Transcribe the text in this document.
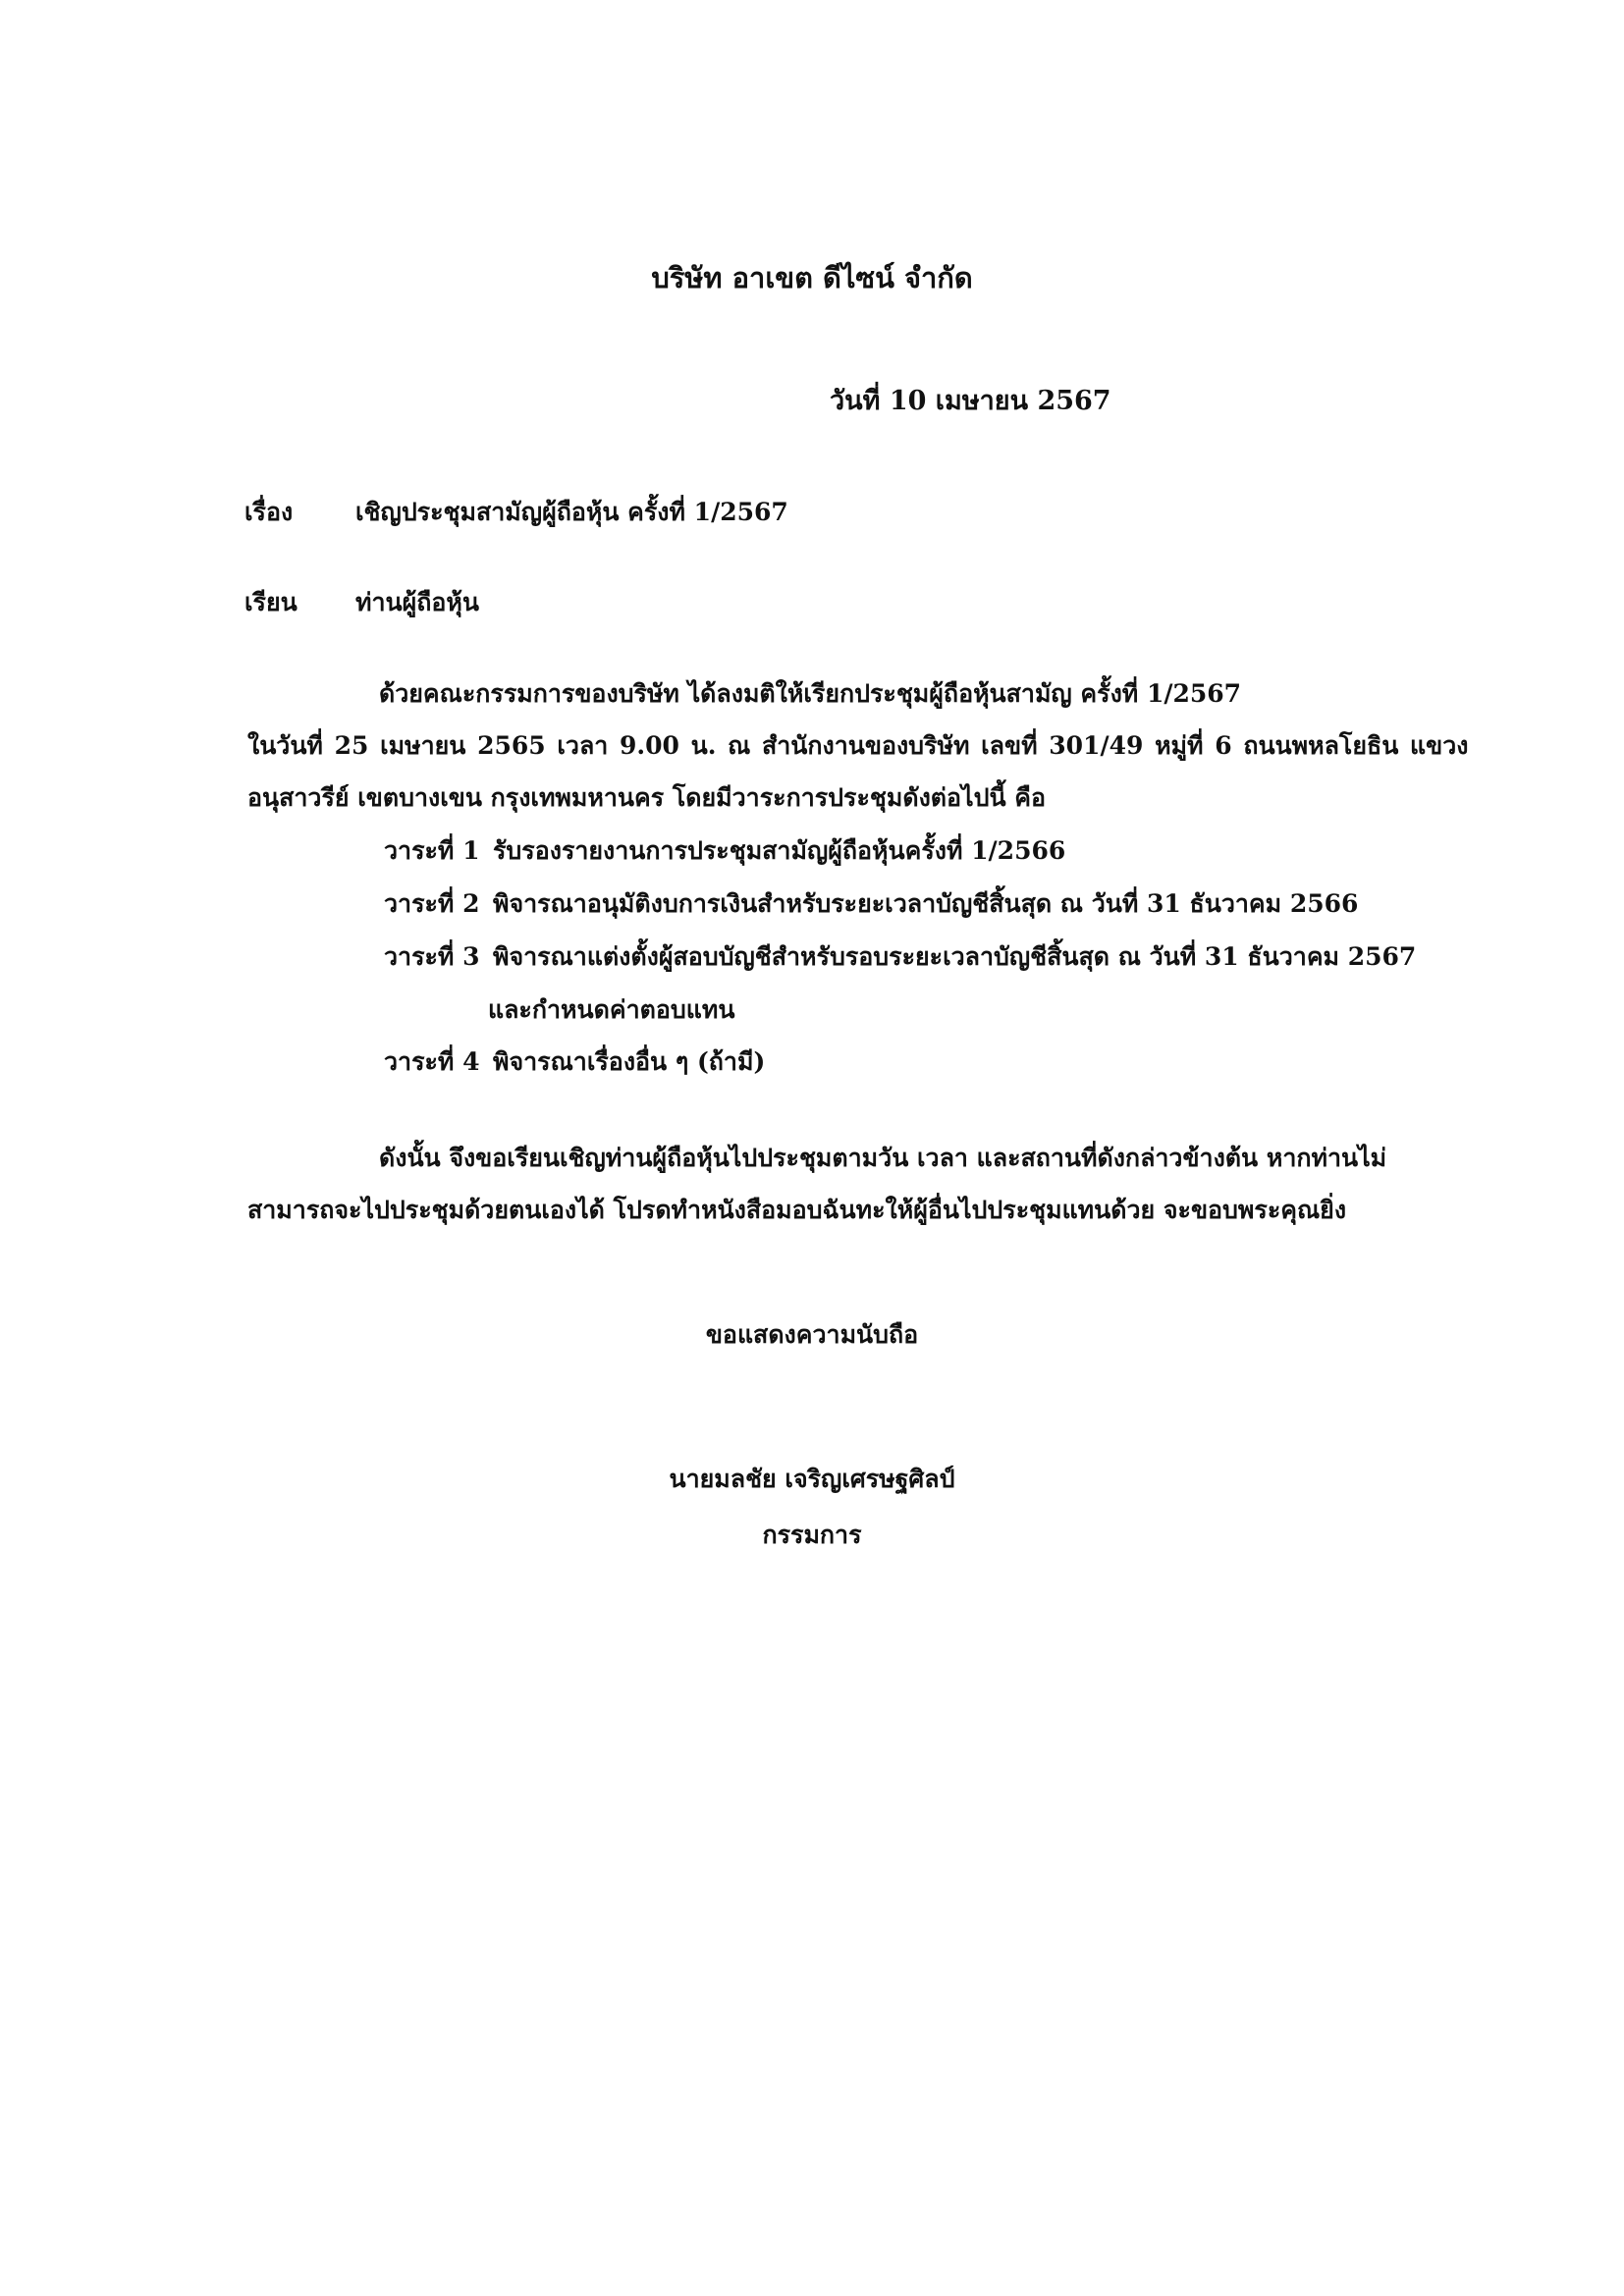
บริษัท อาเขต ดีไซน์ จำกัด
วันที่ 10 เมษายน 2567
เรื่อง	เชิญประชุมสามัญผู้ถือหุ้น ครั้งที่ 1/2567
เรียน ท่านผู้ถือหุ้น
ด้วยคณะกรรมการของบริษัท ได้ลงมติให้เรียกประชุมผู้ถือหุ้นสามัญ ครั้งที่ 1/2567
ในวันที่ 25 เมษายน 2565 เวลา 9.00 น. ณ สำนักงานของบริษัท เลขที่ 301/49 หมู่ที่ 6 ถนนพหลโยธิน แขวง
อนุสาวรีย์ เขตบางเขน กรุงเทพมหานคร โดยมีวาระการประชุมดังต่อไปนี้ คือ
วาระที่ 1 รับรองรายงานการประชุมสามัญผู้ถือหุ้นครั้งที่ 1/2566
วาระที่ 2 พิจารณาอนุมัติงบการเงินสำหรับระยะเวลาบัญชีสิ้นสุด ณ วันที่ 31 ธันวาคม 2566
วาระที่ 3 พิจารณาแต่งตั้งผู้สอบบัญชีสำหรับรอบระยะเวลาบัญชีสิ้นสุด ณ วันที่ 31 ธันวาคม 2567
และกำหนดค่าตอบแทน
วาระที่ 4 พิจารณาเรื่องอื่น ๆ (ถ้ามี)
ดังนั้น จึงขอเรียนเชิญท่านผู้ถือหุ้นไปประชุมตามวัน เวลา และสถานที่ดังกล่าวข้างต้น หากท่านไม่
สามารถจะไปประชุมด้วยตนเองได้ โปรดทำหนังสือมอบฉันทะให้ผู้อื่นไปประชุมแทนด้วย จะขอบพระคุณยิ่ง
ขอแสดงความนับถือ
นายมลชัย เจริญเศรษฐศิลป์
กรรมการ
